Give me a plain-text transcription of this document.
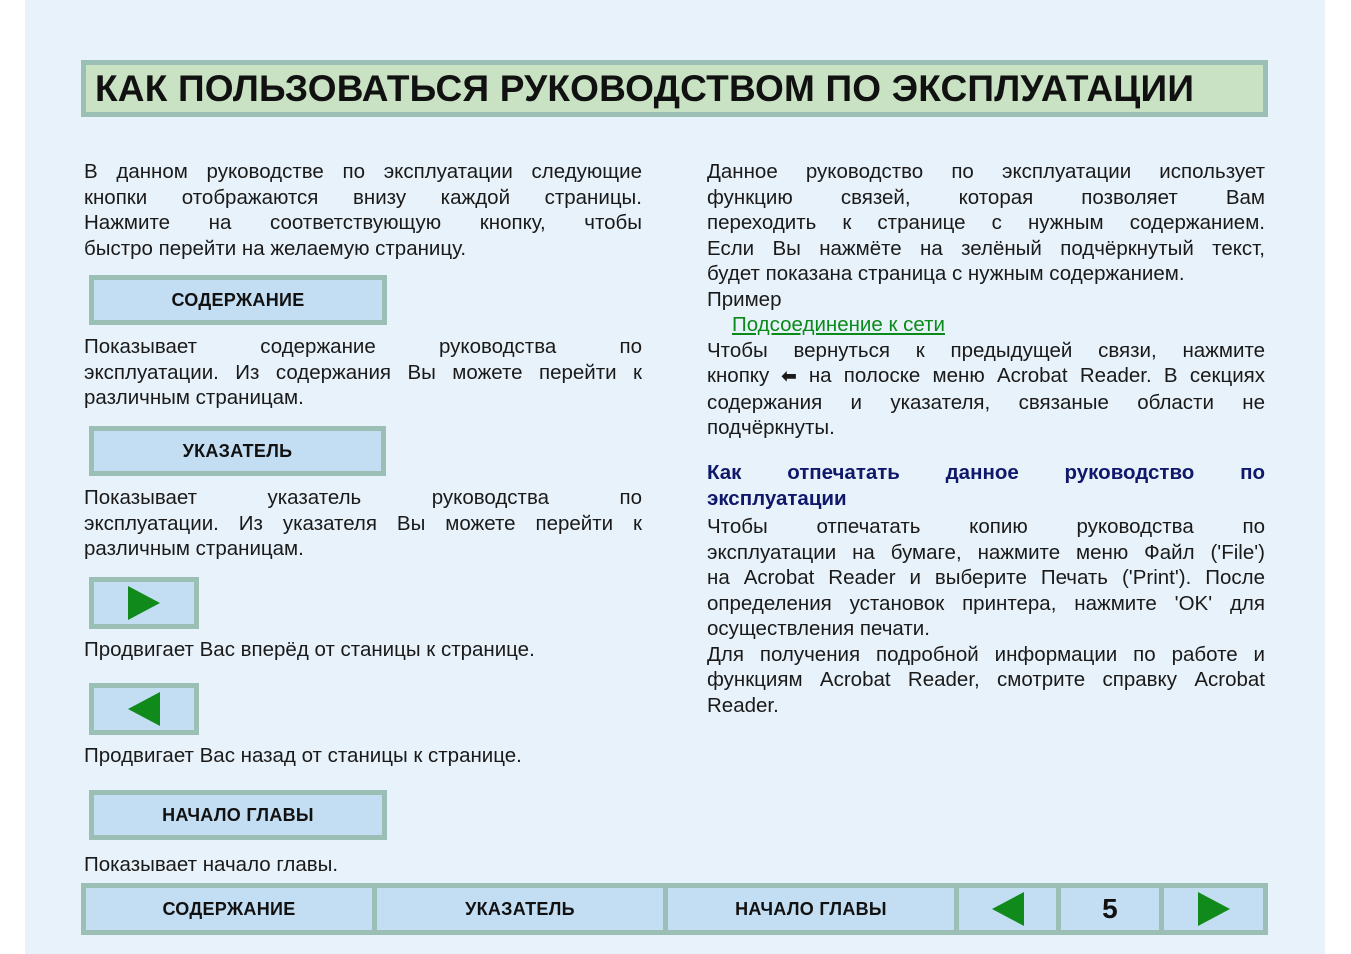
КАК ПОЛЬЗОВАТЬСЯ РУКОВОДСТВОМ ПО ЭКСПЛУАТАЦИИ

В данном руководстве по эксплуатации следующие

кнопки отображаются внизу каждой страницы.

Нажмите на соответствующую кнопку, чтобы

быстро перейти на желаемую страницу.

СОДЕРЖАНИЕ

Показывает содержание руководства по

эксплуатации. Из содержания Вы можете перейти к

различным страницам.

УКАЗАТЕЛЬ

Показывает указатель руководства по

эксплуатации. Из указателя Вы можете перейти к

различным страницам.

Продвигает Вас вперёд от станицы к странице.
Продвигает Вас назад от станицы к странице.
НАЧАЛО ГЛАВЫ
Показывает начало главы.

Данное руководство по эксплуатации использует

функцию связей, которая позволяет Вам

переходить к странице с нужным содержанием.

Если Вы нажмёте на зелёный подчёркнутый текст,

будет показана страница с нужным содержанием.

Пример

Подсоединение к сети

Чтобы вернуться к предыдущей связи, нажмите

кнопку ⬅ на полоске меню Acrobat Reader. В секциях

содержания и указателя, связаные области не

подчёркнуты.

Как отпечатать данное руководство по

эксплуатации

Чтобы отпечатать копию руководства по

эксплуатации на бумаге, нажмите меню Файл ('File')

на Acrobat Reader и выберите Печать ('Print'). После

определения установок принтера, нажмите 'OK' для

осуществления печати.

Для получения подробной информации по работе и

функциям Acrobat Reader, смотрите справку Acrobat

Reader.

СОДЕРЖАНИЕ	УКАЗАТЕЛЬ	НАЧАЛО ГЛАВЫ	5
